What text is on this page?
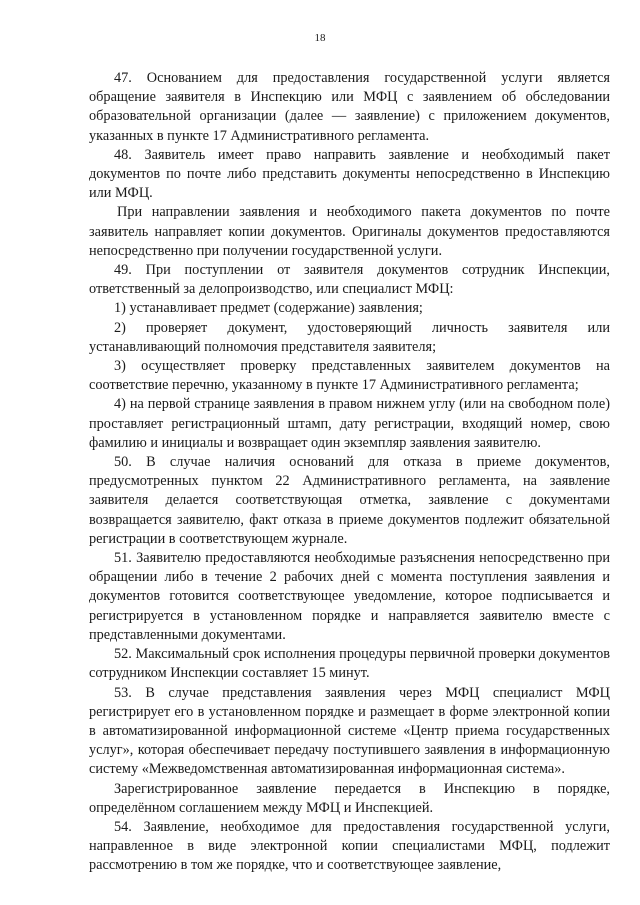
18

47. Основанием для предоставления государственной услуги является обращение заявителя в Инспекцию или МФЦ с заявлением об обследовании образовательной организации (далее — заявление) с приложением документов, указанных в пункте 17 Административного регламента.

48. Заявитель имеет право направить заявление и необходимый пакет документов по почте либо представить документы непосредственно в Инспекцию или МФЦ.

При направлении заявления и необходимого пакета документов по почте заявитель направляет копии документов. Оригиналы документов предоставляются непосредственно при получении государственной услуги.

49. При поступлении от заявителя документов сотрудник Инспекции, ответственный за делопроизводство, или специалист МФЦ:

1) устанавливает предмет (содержание) заявления;

2) проверяет документ, удостоверяющий личность заявителя или устанавливающий полномочия представителя заявителя;

3) осуществляет проверку представленных заявителем документов на соответствие перечню, указанному в пункте 17 Административного регламента;

4) на первой странице заявления в правом нижнем углу (или на свободном поле) проставляет регистрационный штамп, дату регистрации, входящий номер, свою фамилию и инициалы и возвращает один экземпляр заявления заявителю.

50. В случае наличия оснований для отказа в приеме документов, предусмотренных пунктом 22 Административного регламента, на заявление заявителя делается соответствующая отметка, заявление с документами возвращается заявителю, факт отказа в приеме документов подлежит обязательной регистрации в соответствующем журнале.

51. Заявителю предоставляются необходимые разъяснения непосредственно при обращении либо в течение 2 рабочих дней с момента поступления заявления и документов готовится соответствующее уведомление, которое подписывается и регистрируется в установленном порядке и направляется заявителю вместе с представленными документами.

52. Максимальный срок исполнения процедуры первичной проверки документов сотрудником Инспекции составляет 15 минут.

53. В случае представления заявления через МФЦ специалист МФЦ регистрирует его в установленном порядке и размещает в форме электронной копии в автоматизированной информационной системе «Центр приема государственных услуг», которая обеспечивает передачу поступившего заявления в информационную систему «Межведомственная автоматизированная информационная система».

Зарегистрированное заявление передается в Инспекцию в порядке, определённом соглашением между МФЦ и Инспекцией.

54. Заявление, необходимое для предоставления государственной услуги, направленное в виде электронной копии специалистами МФЦ, подлежит рассмотрению в том же порядке, что и соответствующее заявление,
